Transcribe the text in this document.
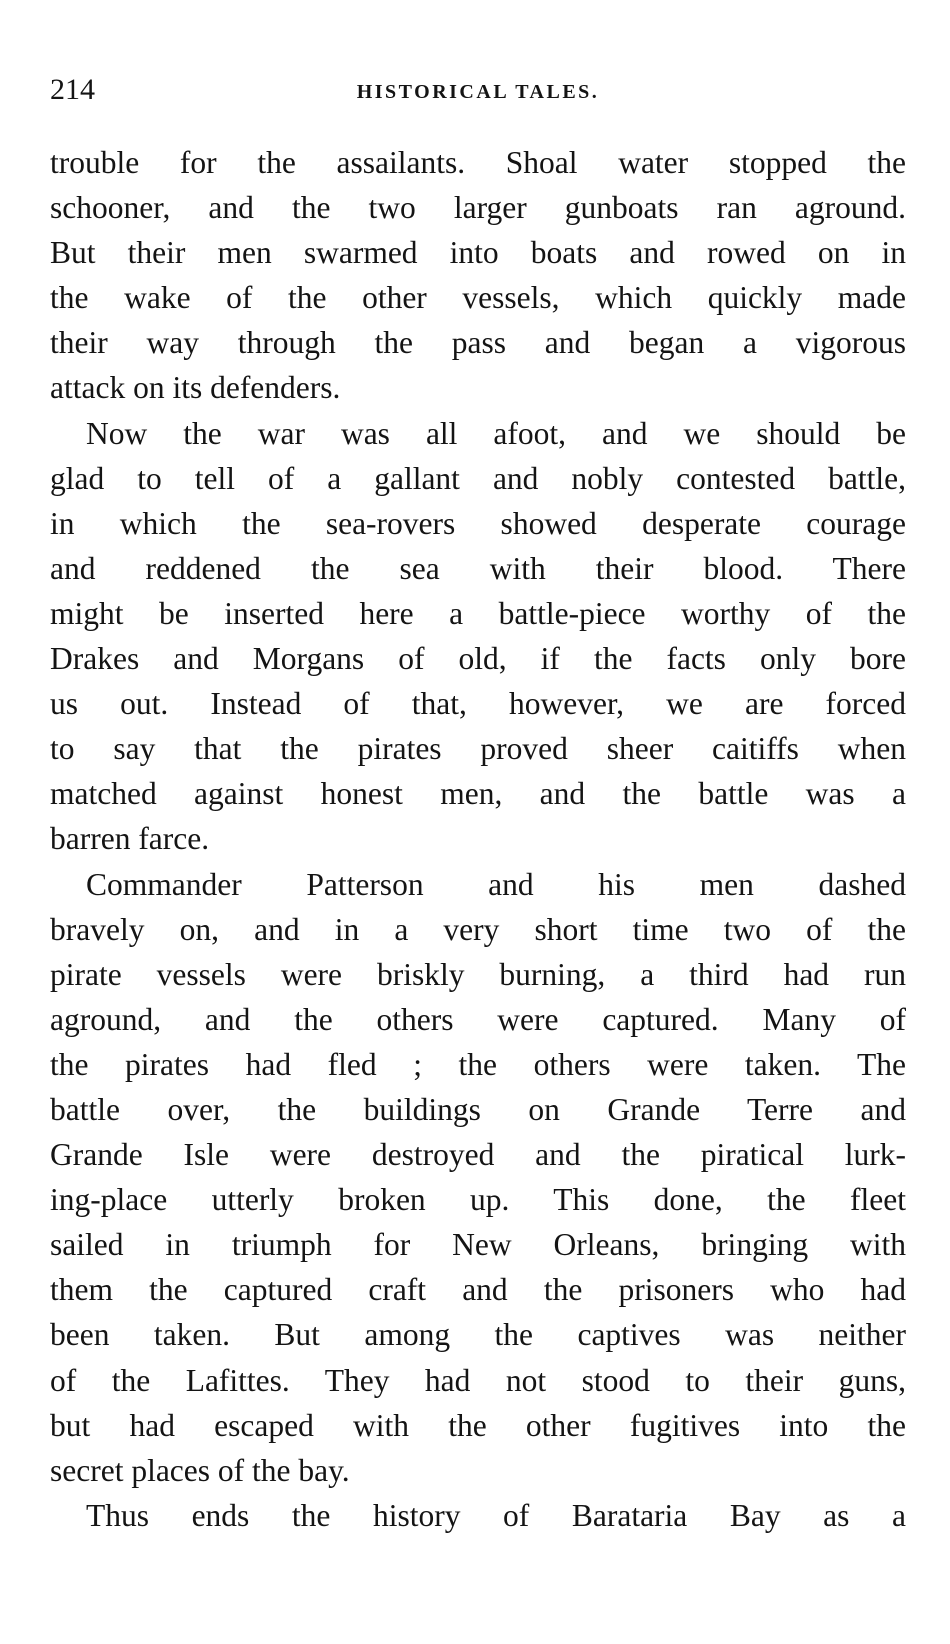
214	HISTORICAL TALES.
trouble for the assailants. Shoal water stopped the
schooner, and the two larger gunboats ran aground.
But their men swarmed into boats and rowed on in
the wake of the other vessels, which quickly made
their way through the pass and began a vigorous
attack on its defenders.
Now the war was all afoot, and we should be
glad to tell of a gallant and nobly contested battle,
in which the sea-rovers showed desperate courage
and reddened the sea with their blood. There
might be inserted here a battle-piece worthy of the
Drakes and Morgans of old, if the facts only bore
us out. Instead of that, however, we are forced
to say that the pirates proved sheer caitiffs when
matched against honest men, and the battle was a
barren farce.
Commander Patterson and his men dashed
bravely on, and in a very short time two of the
pirate vessels were briskly burning, a third had run
aground, and the others were captured. Many of
the pirates had fled ; the others were taken. The
battle over, the buildings on Grande Terre and
Grande Isle were destroyed and the piratical lurk-
ing-place utterly broken up. This done, the fleet
sailed in triumph for New Orleans, bringing with
them the captured craft and the prisoners who had
been taken. But among the captives was neither
of the Lafittes. They had not stood to their guns,
but had escaped with the other fugitives into the
secret places of the bay.
Thus ends the history of Barataria Bay as a
